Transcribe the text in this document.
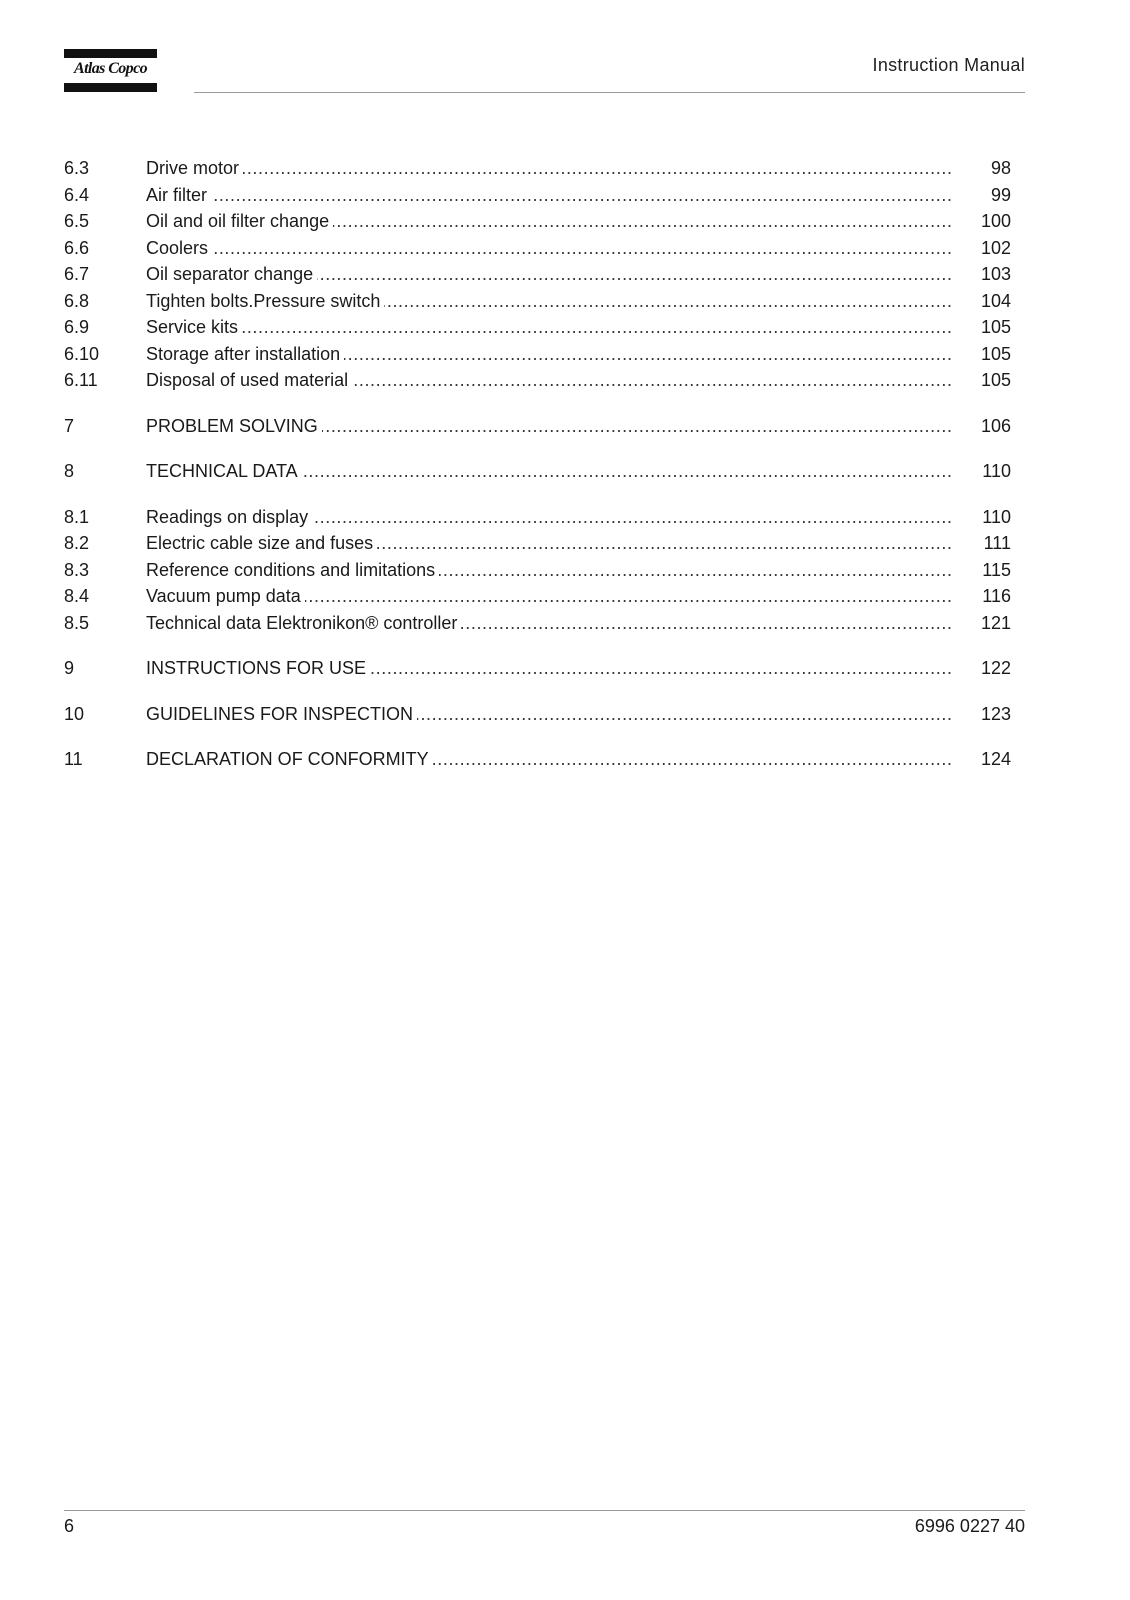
Atlas Copco	Instruction Manual
6.3	Drive motor .....	98
6.4	Air filter .....	99
6.5	Oil and oil filter change .....	100
6.6	Coolers .....	102
6.7	Oil separator change .....	103
6.8	Tighten bolts.Pressure switch .....	104
6.9	Service kits .....	105
6.10	Storage after installation .....	105
6.11	Disposal of used material .....	105
7	PROBLEM SOLVING .....	106
8	TECHNICAL DATA .....	110
8.1	Readings on display .....	110
8.2	Electric cable size and fuses .....	111
8.3	Reference conditions and limitations .....	115
8.4	Vacuum pump data .....	116
8.5	Technical data Elektronikon® controller .....	121
9	INSTRUCTIONS FOR USE .....	122
10	GUIDELINES FOR INSPECTION .....	123
11	DECLARATION OF CONFORMITY .....	124
6	6996 0227 40
